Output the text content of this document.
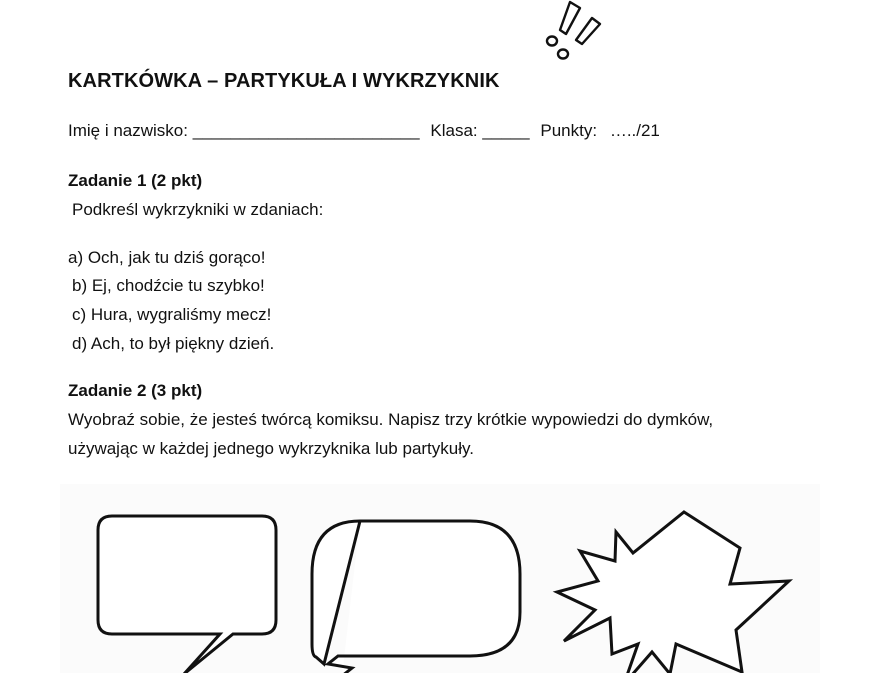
KARTKÓWKA – PARTYKUŁA I WYKRZYKNIK
Imię i nazwisko: ________________________ Klasa: _____ Punkty: …../21
Zadanie 1 (2 pkt)
Podkreśl wykrzykniki w zdaniach:
a) Och, jak tu dziś gorąco!
b) Ej, chodźcie tu szybko!
c) Hura, wygraliśmy mecz!
d) Ach, to był piękny dzień.
Zadanie 2 (3 pkt)
Wyobraź sobie, że jesteś twórcą komiksu. Napisz trzy krótkie wypowiedzi do dymków,
używając w każdej jednego wykrzyknika lub partykuły.
